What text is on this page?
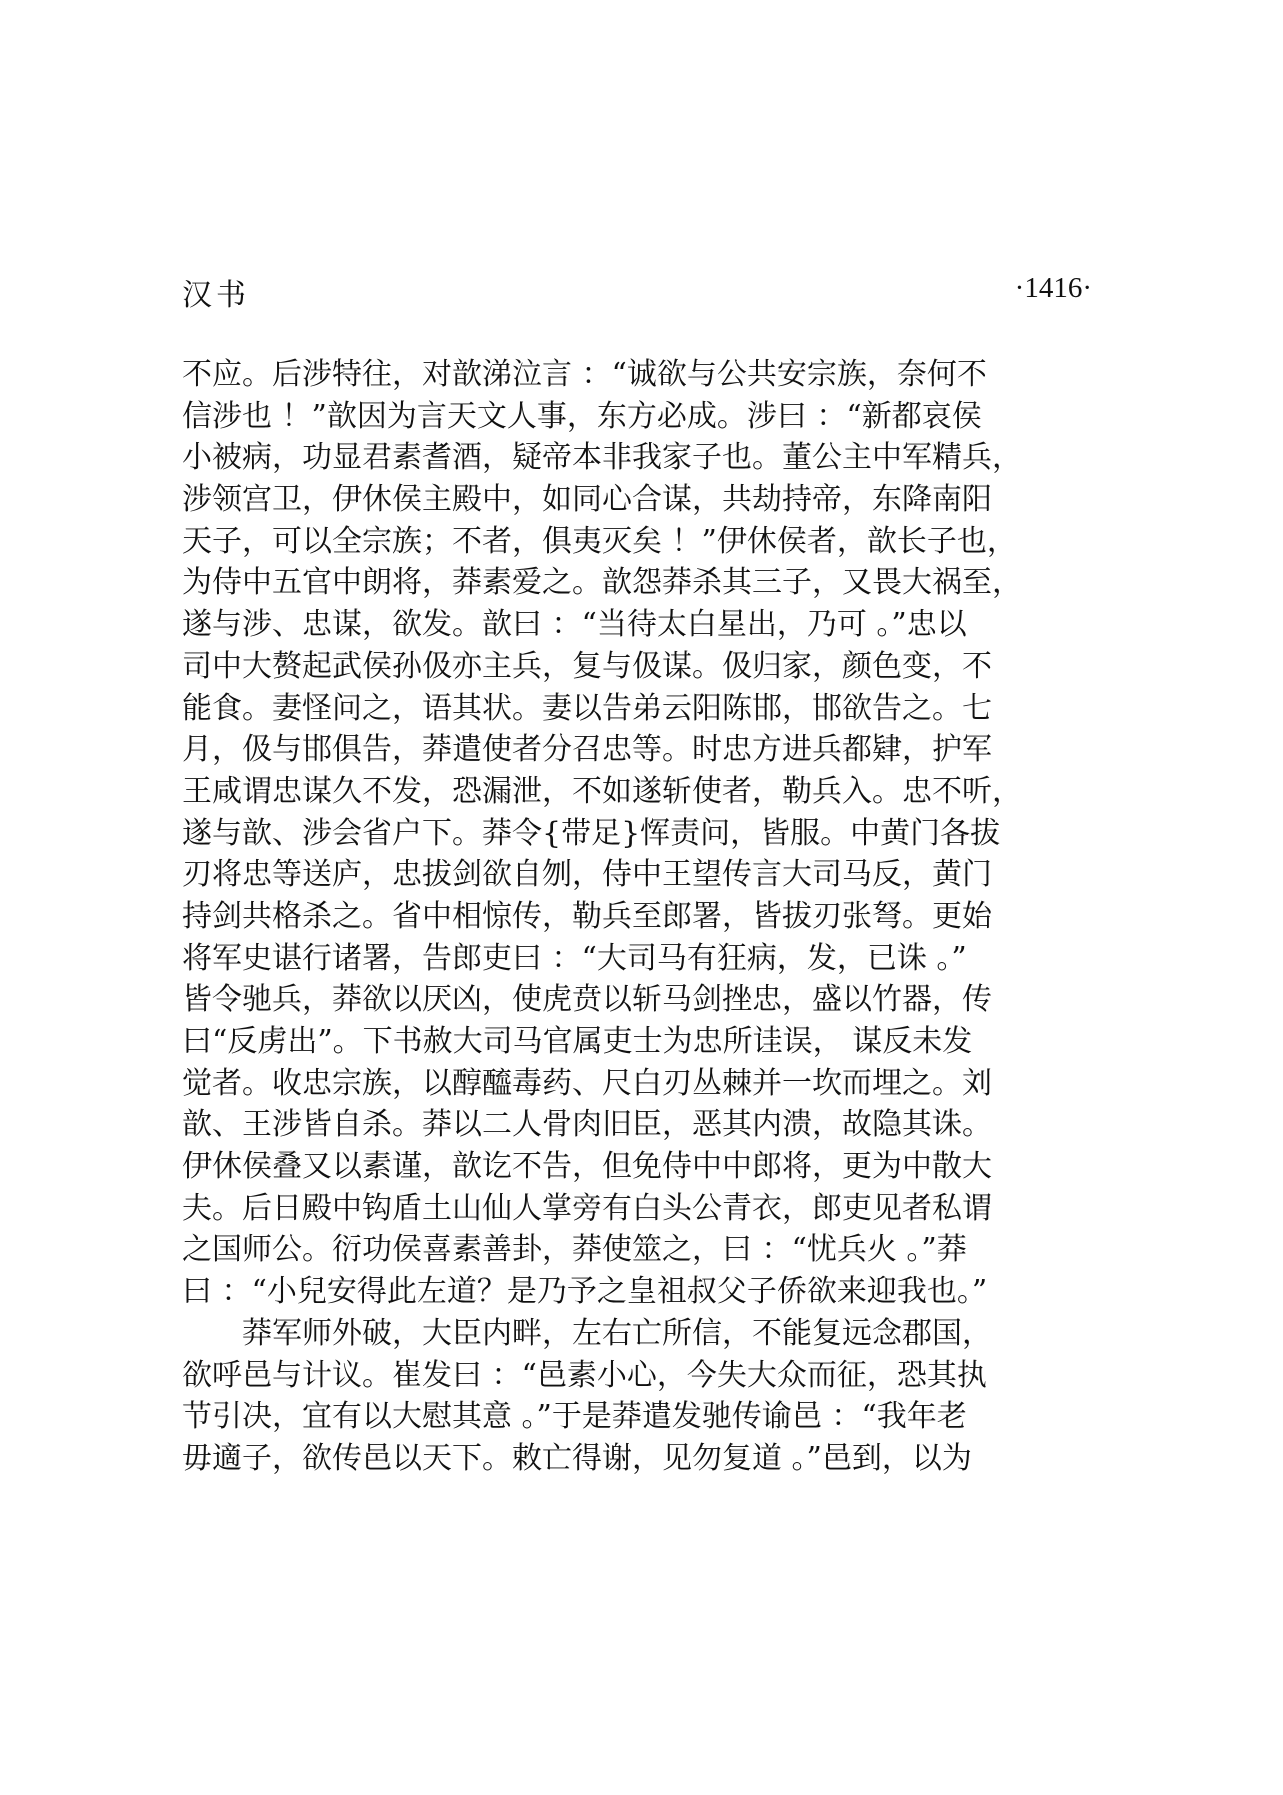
汉书	·1416·
不应。后涉特往，对歆涕泣言 ：“诚欲与公共安宗族，奈何不
信涉也 ！”歆因为言天文人事，东方必成。涉曰 ：“新都哀侯
小被病，功显君素耆酒，疑帝本非我家子也。董公主中军精兵，
涉领宫卫，伊休侯主殿中，如同心合谋，共劫持帝，东降南阳
天子，可以全宗族；不者，俱夷灭矣 ！”伊休侯者，歆长子也，
为侍中五官中朗将，莽素爱之。歆怨莽杀其三子，又畏大祸至，
遂与涉、忠谋，欲发。歆曰 ：“当待太白星出，乃可 。”忠以
司中大赘起武侯孙伋亦主兵，复与伋谋。伋归家，颜色变，不
能食。妻怪问之，语其状。妻以告弟云阳陈邯，邯欲告之。七
月，伋与邯俱告，莽遣使者分召忠等。时忠方进兵都肄，护军
王咸谓忠谋久不发，恐漏泄，不如遂斩使者，勒兵入。忠不听，
遂与歆、涉会省户下。莽令{带足}恽责问，皆服。中黄门各拔
刃将忠等送庐，忠拔剑欲自刎，侍中王望传言大司马反，黄门
持剑共格杀之。省中相惊传，勒兵至郎署，皆拔刃张弩。更始
将军史谌行诸署，告郎吏曰 ：“大司马有狂病，发，已诛 。”
皆令驰兵，莽欲以厌凶，使虎贲以斩马剑挫忠，盛以竹器，传
曰“反虏出”。下书赦大司马官属吏士为忠所诖误， 谋反未发
觉者。收忠宗族，以醇醯毒药、尺白刃丛棘并一坎而埋之。刘
歆、王涉皆自杀。莽以二人骨肉旧臣，恶其内溃，故隐其诛。
伊休侯叠又以素谨，歆讫不告，但免侍中中郎将，更为中散大
夫。后日殿中钩盾土山仙人掌旁有白头公青衣，郎吏见者私谓
之国师公。衍功侯喜素善卦，莽使筮之，曰 ：“忧兵火 。”莽
曰 ：“小兒安得此左道？是乃予之皇祖叔父子侨欲来迎我也。”
　　莽军师外破，大臣内畔，左右亡所信，不能复远念郡国，
欲呼邑与计议。崔发曰 ：“邑素小心，今失大众而征，恐其执
节引决，宜有以大慰其意 。”于是莽遣发驰传谕邑 ：“我年老
毋適子，欲传邑以天下。敕亡得谢，见勿复道 。”邑到，以为
